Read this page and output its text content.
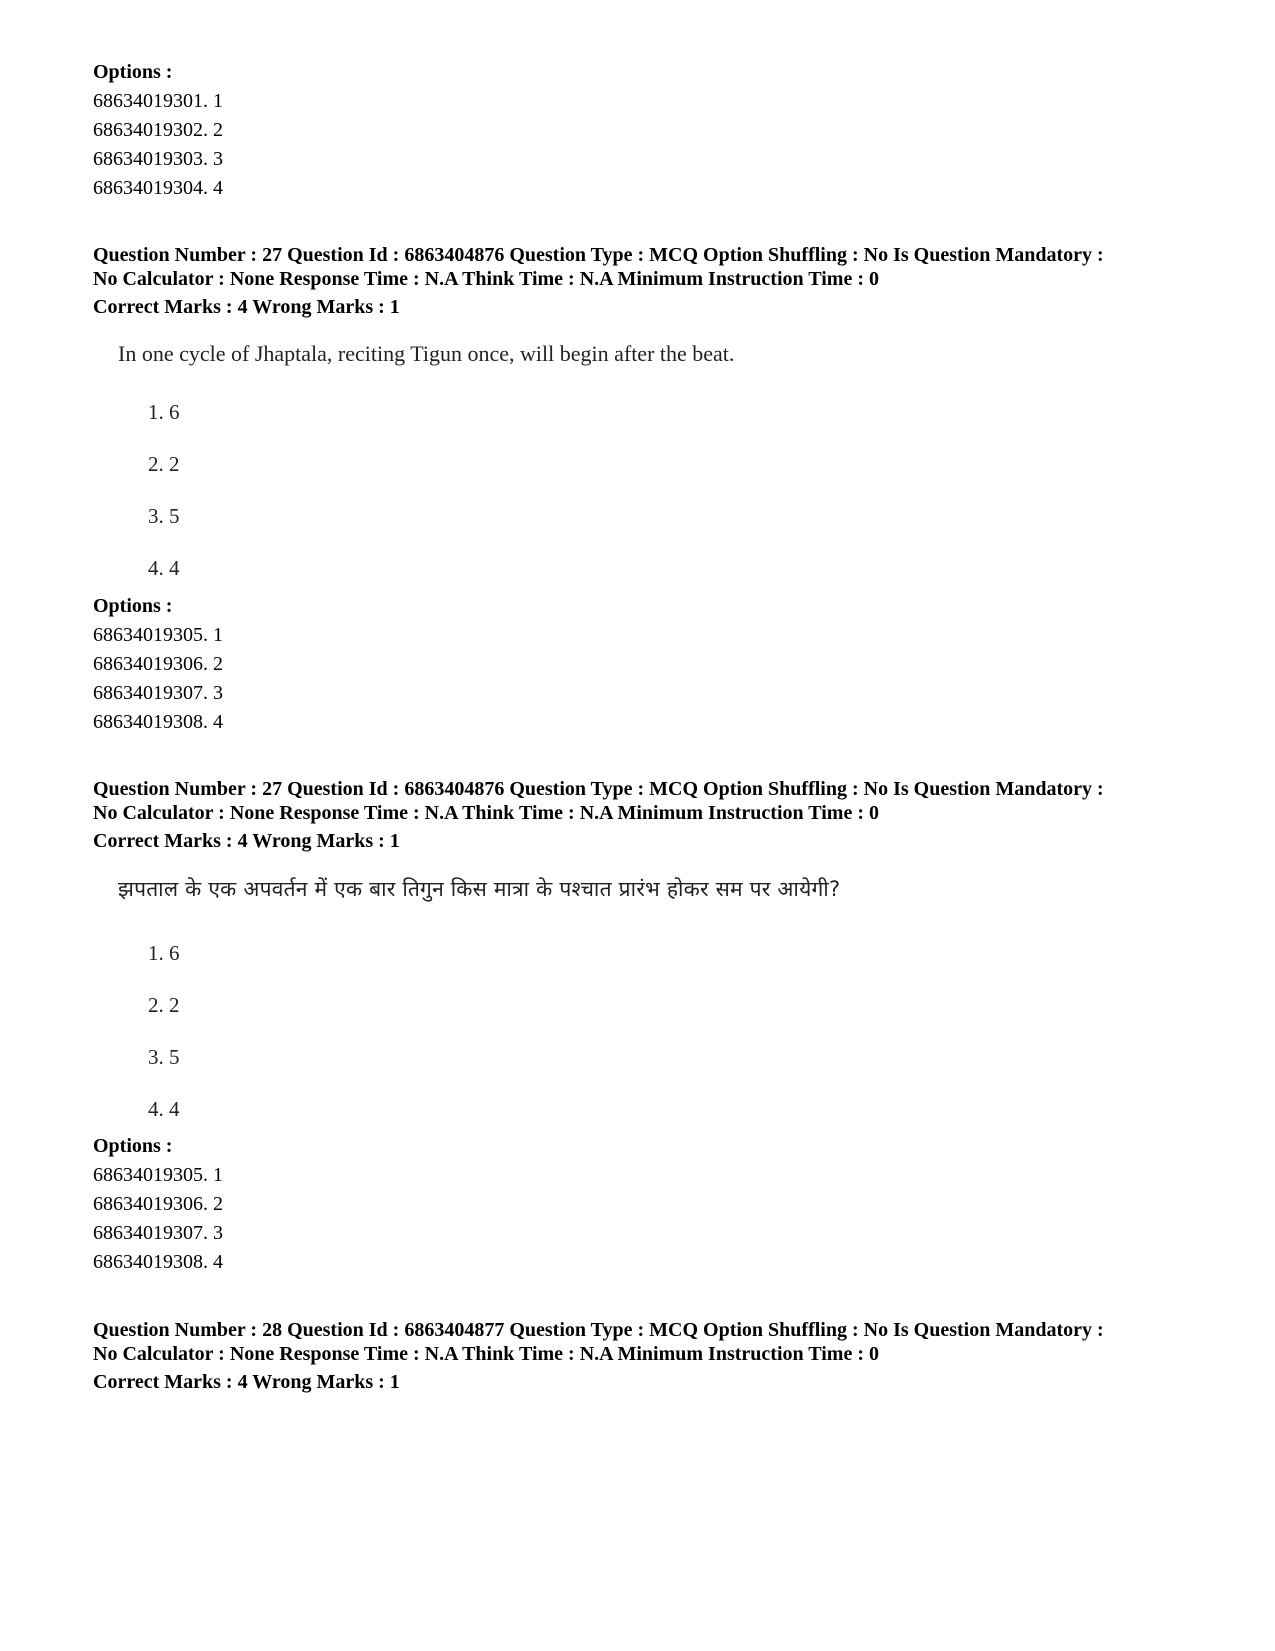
Options :
68634019301. 1
68634019302. 2
68634019303. 3
68634019304. 4
Question Number : 27 Question Id : 6863404876 Question Type : MCQ Option Shuffling : No Is Question Mandatory :
No Calculator : None Response Time : N.A Think Time : N.A Minimum Instruction Time : 0
Correct Marks : 4 Wrong Marks : 1
In one cycle of Jhaptala, reciting Tigun once, will begin after the beat.
1. 6
2. 2
3. 5
4. 4
Options :
68634019305. 1
68634019306. 2
68634019307. 3
68634019308. 4
Question Number : 27 Question Id : 6863404876 Question Type : MCQ Option Shuffling : No Is Question Mandatory :
No Calculator : None Response Time : N.A Think Time : N.A Minimum Instruction Time : 0
Correct Marks : 4 Wrong Marks : 1
झपताल के एक अपवर्तन में एक बार तिगुन किस मात्रा के पश्चात प्रारंभ होकर सम पर आयेगी?
1. 6
2. 2
3. 5
4. 4
Options :
68634019305. 1
68634019306. 2
68634019307. 3
68634019308. 4
Question Number : 28 Question Id : 6863404877 Question Type : MCQ Option Shuffling : No Is Question Mandatory :
No Calculator : None Response Time : N.A Think Time : N.A Minimum Instruction Time : 0
Correct Marks : 4 Wrong Marks : 1
